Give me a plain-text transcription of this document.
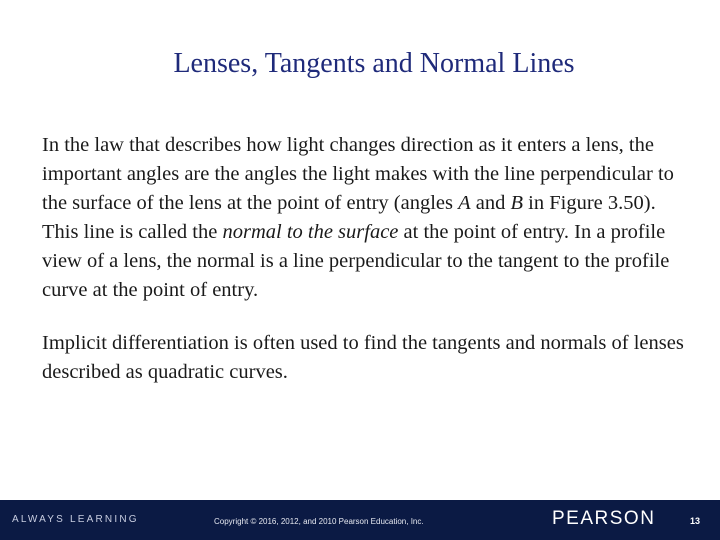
Lenses, Tangents and Normal Lines

In the law that describes how light changes direction as it enters a lens, the important angles are the angles the light makes with the line perpendicular to the surface of the lens at the point of entry (angles A and B in Figure 3.50). This line is called the normal to the surface at the point of entry. In a profile view of a lens, the normal is a line perpendicular to the tangent to the profile curve at the point of entry.

Implicit differentiation is often used to find the tangents and normals of lenses described as quadratic curves.

ALWAYS LEARNING	Copyright © 2016, 2012, and 2010 Pearson Education, Inc.	PEARSON	13
